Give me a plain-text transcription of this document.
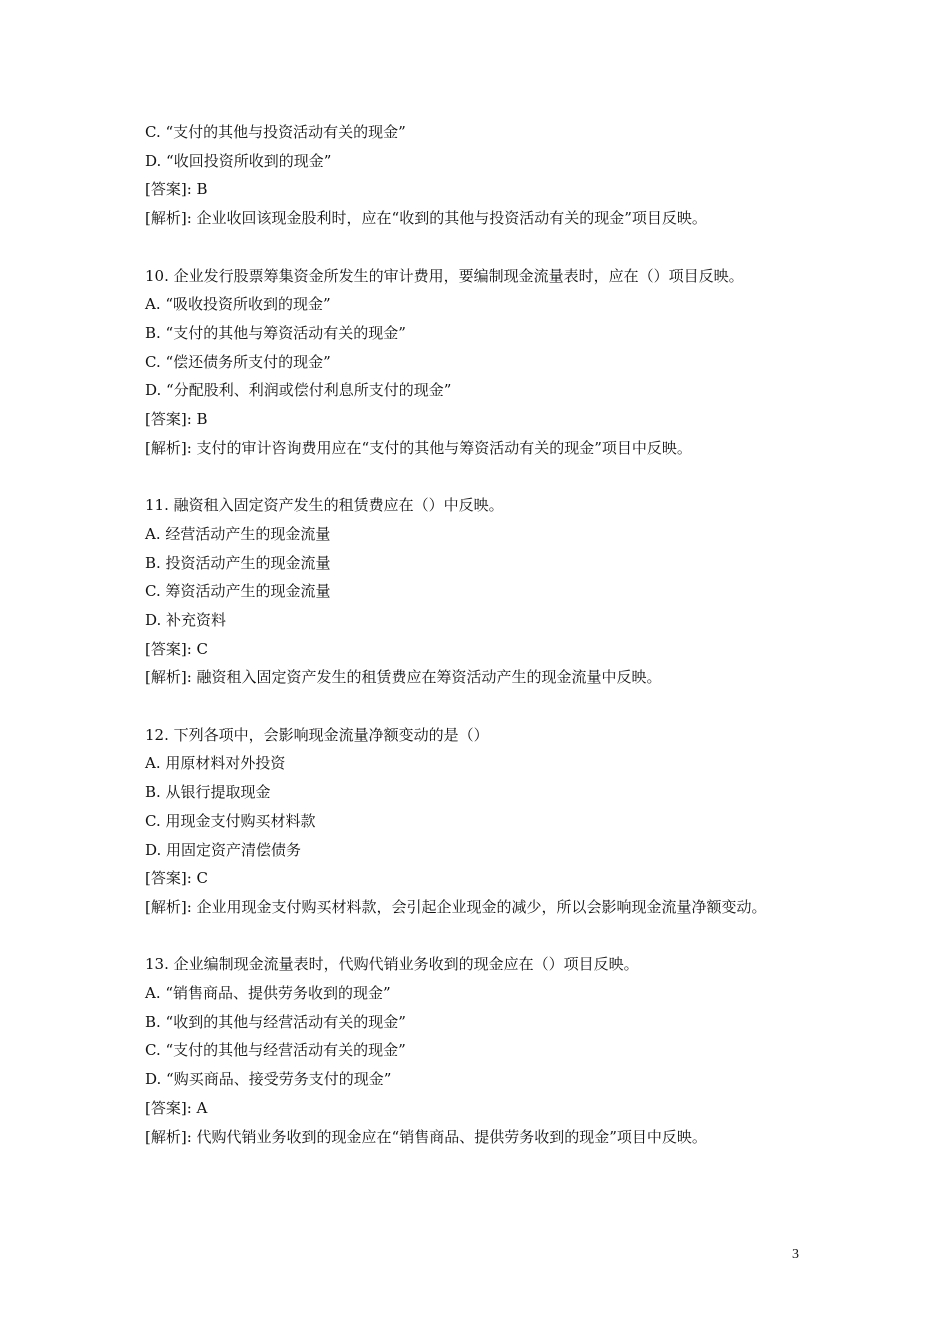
C. “支付的其他与投资活动有关的现金”
D. “收回投资所收到的现金”
[答案]: B
[解析]: 企业收回该现金股利时，应在“收到的其他与投资活动有关的现金”项目反映。
10. 企业发行股票筹集资金所发生的审计费用，要编制现金流量表时，应在（）项目反映。
A. “吸收投资所收到的现金”
B. “支付的其他与筹资活动有关的现金”
C. “偿还债务所支付的现金”
D. “分配股利、利润或偿付利息所支付的现金”
[答案]: B
[解析]: 支付的审计咨询费用应在“支付的其他与筹资活动有关的现金”项目中反映。
11. 融资租入固定资产发生的租赁费应在（）中反映。
A. 经营活动产生的现金流量
B. 投资活动产生的现金流量
C. 筹资活动产生的现金流量
D. 补充资料
[答案]: C
[解析]: 融资租入固定资产发生的租赁费应在筹资活动产生的现金流量中反映。
12. 下列各项中，会影响现金流量净额变动的是（）
A. 用原材料对外投资
B. 从银行提取现金
C. 用现金支付购买材料款
D. 用固定资产清偿债务
[答案]: C
[解析]: 企业用现金支付购买材料款，会引起企业现金的减少，所以会影响现金流量净额变动。
13. 企业编制现金流量表时，代购代销业务收到的现金应在（）项目反映。
A. “销售商品、提供劳务收到的现金”
B. “收到的其他与经营活动有关的现金”
C. “支付的其他与经营活动有关的现金”
D. “购买商品、接受劳务支付的现金”
[答案]: A
[解析]: 代购代销业务收到的现金应在“销售商品、提供劳务收到的现金”项目中反映。
3
